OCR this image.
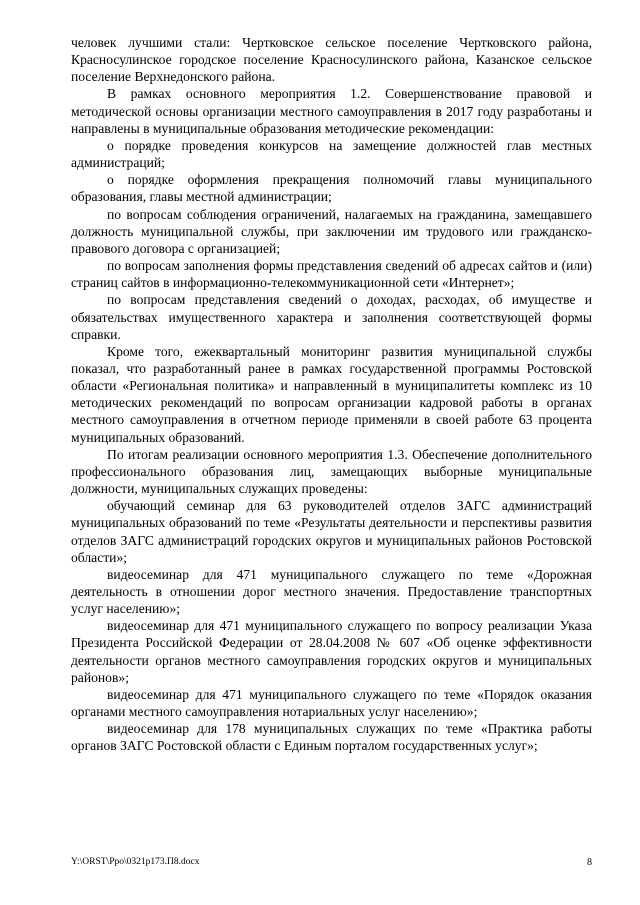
человек лучшими стали: Чертковское сельское поселение Чертковского района, Красносулинское городское поселение Красносулинского района, Казанское сельское поселение Верхнедонского района.

В рамках основного мероприятия 1.2. Совершенствование правовой и методической основы организации местного самоуправления в 2017 году разработаны и направлены в муниципальные образования методические рекомендации:

о порядке проведения конкурсов на замещение должностей глав местных администраций;

о порядке оформления прекращения полномочий главы муниципального образования, главы местной администрации;

по вопросам соблюдения ограничений, налагаемых на гражданина, замещавшего должность муниципальной службы, при заключении им трудового или гражданско-правового договора с организацией;

по вопросам заполнения формы представления сведений об адресах сайтов и (или) страниц сайтов в информационно-телекоммуникационной сети «Интернет»;

по вопросам представления сведений о доходах, расходах, об имуществе и обязательствах имущественного характера и заполнения соответствующей формы справки.

Кроме того, ежеквартальный мониторинг развития муниципальной службы показал, что разработанный ранее в рамках государственной программы Ростовской области «Региональная политика» и направленный в муниципалитеты комплекс из 10 методических рекомендаций по вопросам организации кадровой работы в органах местного самоуправления в отчетном периоде применяли в своей работе 63 процента муниципальных образований.

По итогам реализации основного мероприятия 1.3. Обеспечение дополнительного профессионального образования лиц, замещающих выборные муниципальные должности, муниципальных служащих проведены:

обучающий семинар для 63 руководителей отделов ЗАГС администраций муниципальных образований по теме «Результаты деятельности и перспективы развития отделов ЗАГС администраций городских округов и муниципальных районов Ростовской области»;

видеосеминар для 471 муниципального служащего по теме «Дорожная деятельность в отношении дорог местного значения. Предоставление транспортных услуг населению»;

видеосеминар для 471 муниципального служащего по вопросу реализации Указа Президента Российской Федерации от 28.04.2008 № 607 «Об оценке эффективности деятельности органов местного самоуправления городских округов и муниципальных районов»;

видеосеминар для 471 муниципального служащего по теме «Порядок оказания органами местного самоуправления нотариальных услуг населению»;

видеосеминар для 178 муниципальных служащих по теме «Практика работы органов ЗАГС Ростовской области с Единым порталом государственных услуг»;

Y:\ORST\Ppo\0321p173.П8.docx	8
